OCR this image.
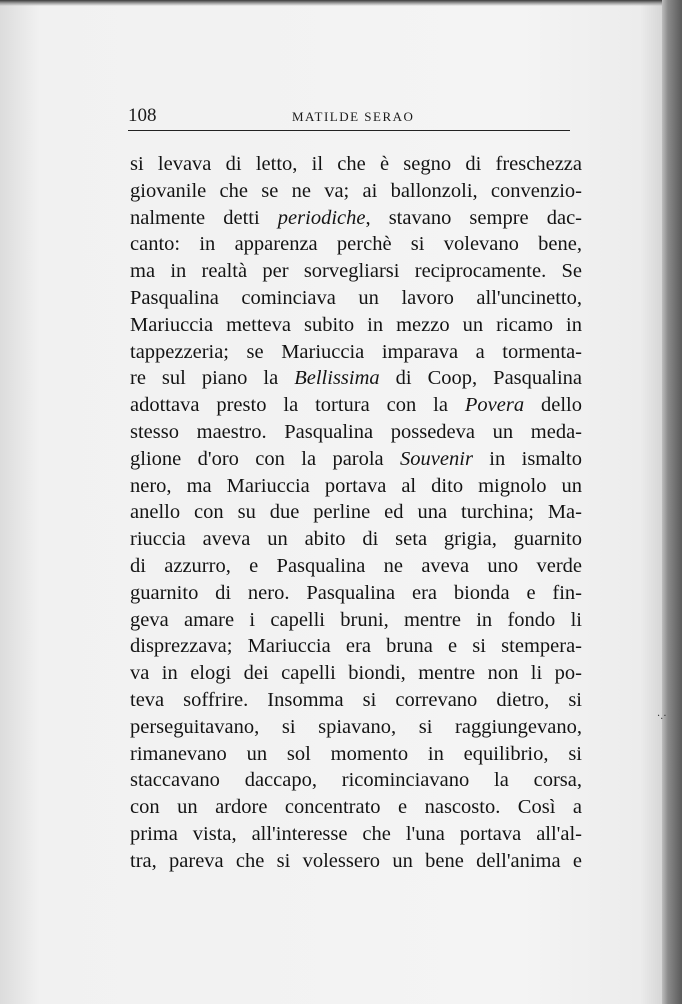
108	MATILDE SERAO
si levava di letto, il che è segno di freschezza
giovanile che se ne va; ai ballonzoli, convenzio-
nalmente detti periodiche, stavano sempre dac-
canto: in apparenza perchè si volevano bene,
ma in realtà per sorvegliarsi reciprocamente. Se
Pasqualina cominciava un lavoro all'uncinetto,
Mariuccia metteva subito in mezzo un ricamo in
tappezzeria; se Mariuccia imparava a tormenta-
re sul piano la Bellissima di Coop, Pasqualina
adottava presto la tortura con la Povera dello
stesso maestro. Pasqualina possedeva un meda-
glione d'oro con la parola Souvenir in ismalto
nero, ma Mariuccia portava al dito mignolo un
anello con su due perline ed una turchina; Ma-
riuccia aveva un abito di seta grigia, guarnito
di azzurro, e Pasqualina ne aveva uno verde
guarnito di nero. Pasqualina era bionda e fin-
geva amare i capelli bruni, mentre in fondo li
disprezzava; Mariuccia era bruna e si stempera-
va in elogi dei capelli biondi, mentre non li po-
teva soffrire. Insomma si correvano dietro, si
perseguitavano, si spiavano, si raggiungevano,
rimanevano un sol momento in equilibrio, si
staccavano daccapo, ricominciavano la corsa,
con un ardore concentrato e nascosto. Così a
prima vista, all'interesse che l'una portava all'al-
tra, pareva che si volessero un bene dell'anima e
·.·
